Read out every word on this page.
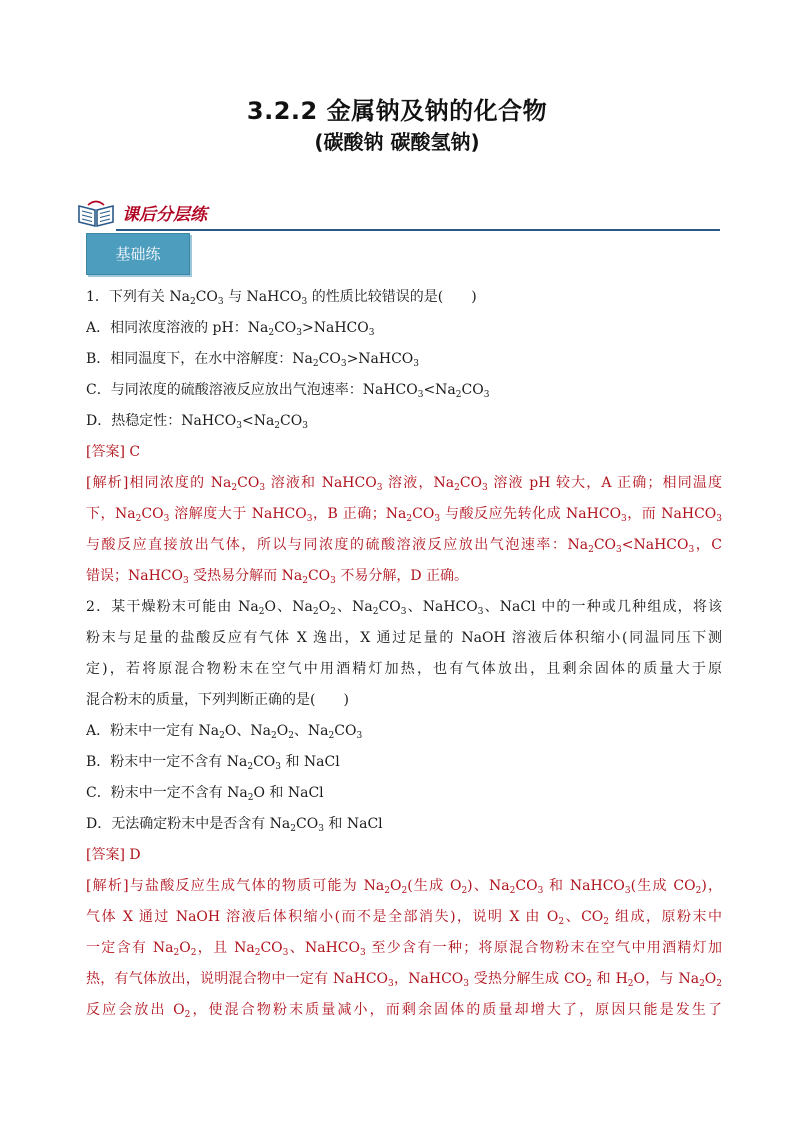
3.2.2 金属钠及钠的化合物
(碳酸钠 碳酸氢钠)
课后分层练
基础练
1．下列有关 $Na_2CO_3$ 与 NaHCO$_3$ 的性质比较错误的是(　　)
A．相同浓度溶液的 pH：$Na_2CO_3>NaHCO_3$
B．相同温度下，在水中溶解度：$Na_2CO_3>NaHCO_3$
C．与同浓度的硫酸溶液反应放出气泡速率：$NaHCO_3<Na_2CO_3$
D．热稳定性：$NaHCO_3<Na_2CO_3$
[答案] C
[解析]相同浓度的 $Na_2CO_3$ 溶液和 NaHCO$_3$ 溶液，$Na_2CO_3$ 溶液 pH 较大，A 正确；相同温度
下，$Na_2CO_3$ 溶解度大于 NaHCO$_3$，B 正确；$Na_2CO_3$ 与酸反应先转化成 NaHCO$_3$，而 NaHCO$_3$
与酸反应直接放出气体，所以与同浓度的硫酸溶液反应放出气泡速率：$Na_2CO_3<NaHCO_3$，C
错误；NaHCO$_3$ 受热易分解而 $Na_2CO_3$ 不易分解，D 正确。
2．某干燥粉末可能由 $Na_2O$、$Na_2O_2$、$Na_2CO_3$、NaHCO$_3$、NaCl 中的一种或几种组成，将该
粉末与足量的盐酸反应有气体 X 逸出，X 通过足量的 NaOH 溶液后体积缩小(同温同压下测
定)，若将原混合物粉末在空气中用酒精灯加热，也有气体放出，且剩余固体的质量大于原
混合粉末的质量，下列判断正确的是(　　)
A．粉末中一定有 $Na_2O$、$Na_2O_2$、$Na_2CO_3$
B．粉末中一定不含有 $Na_2CO_3$ 和 NaCl
C．粉末中一定不含有 $Na_2O$ 和 NaCl
D．无法确定粉末中是否含有 $Na_2CO_3$ 和 NaCl
[答案] D
[解析]与盐酸反应生成气体的物质可能为 $Na_2O_2$(生成 $O_2$)、$Na_2CO_3$ 和 NaHCO$_3$(生成 $CO_2$)，
气体 X 通过 NaOH 溶液后体积缩小(而不是全部消失)，说明 X 由 $O_2$、$CO_2$ 组成，原粉末中
一定含有 $Na_2O_2$，且 $Na_2CO_3$、NaHCO$_3$ 至少含有一种；将原混合物粉末在空气中用酒精灯加
热，有气体放出，说明混合物中一定有 NaHCO$_3$，NaHCO$_3$ 受热分解生成 $CO_2$ 和 $H_2O$，与 $Na_2O_2$
反应会放出 $O_2$，使混合物粉末质量减小，而剩余固体的质量却增大了，原因只能是发生了
